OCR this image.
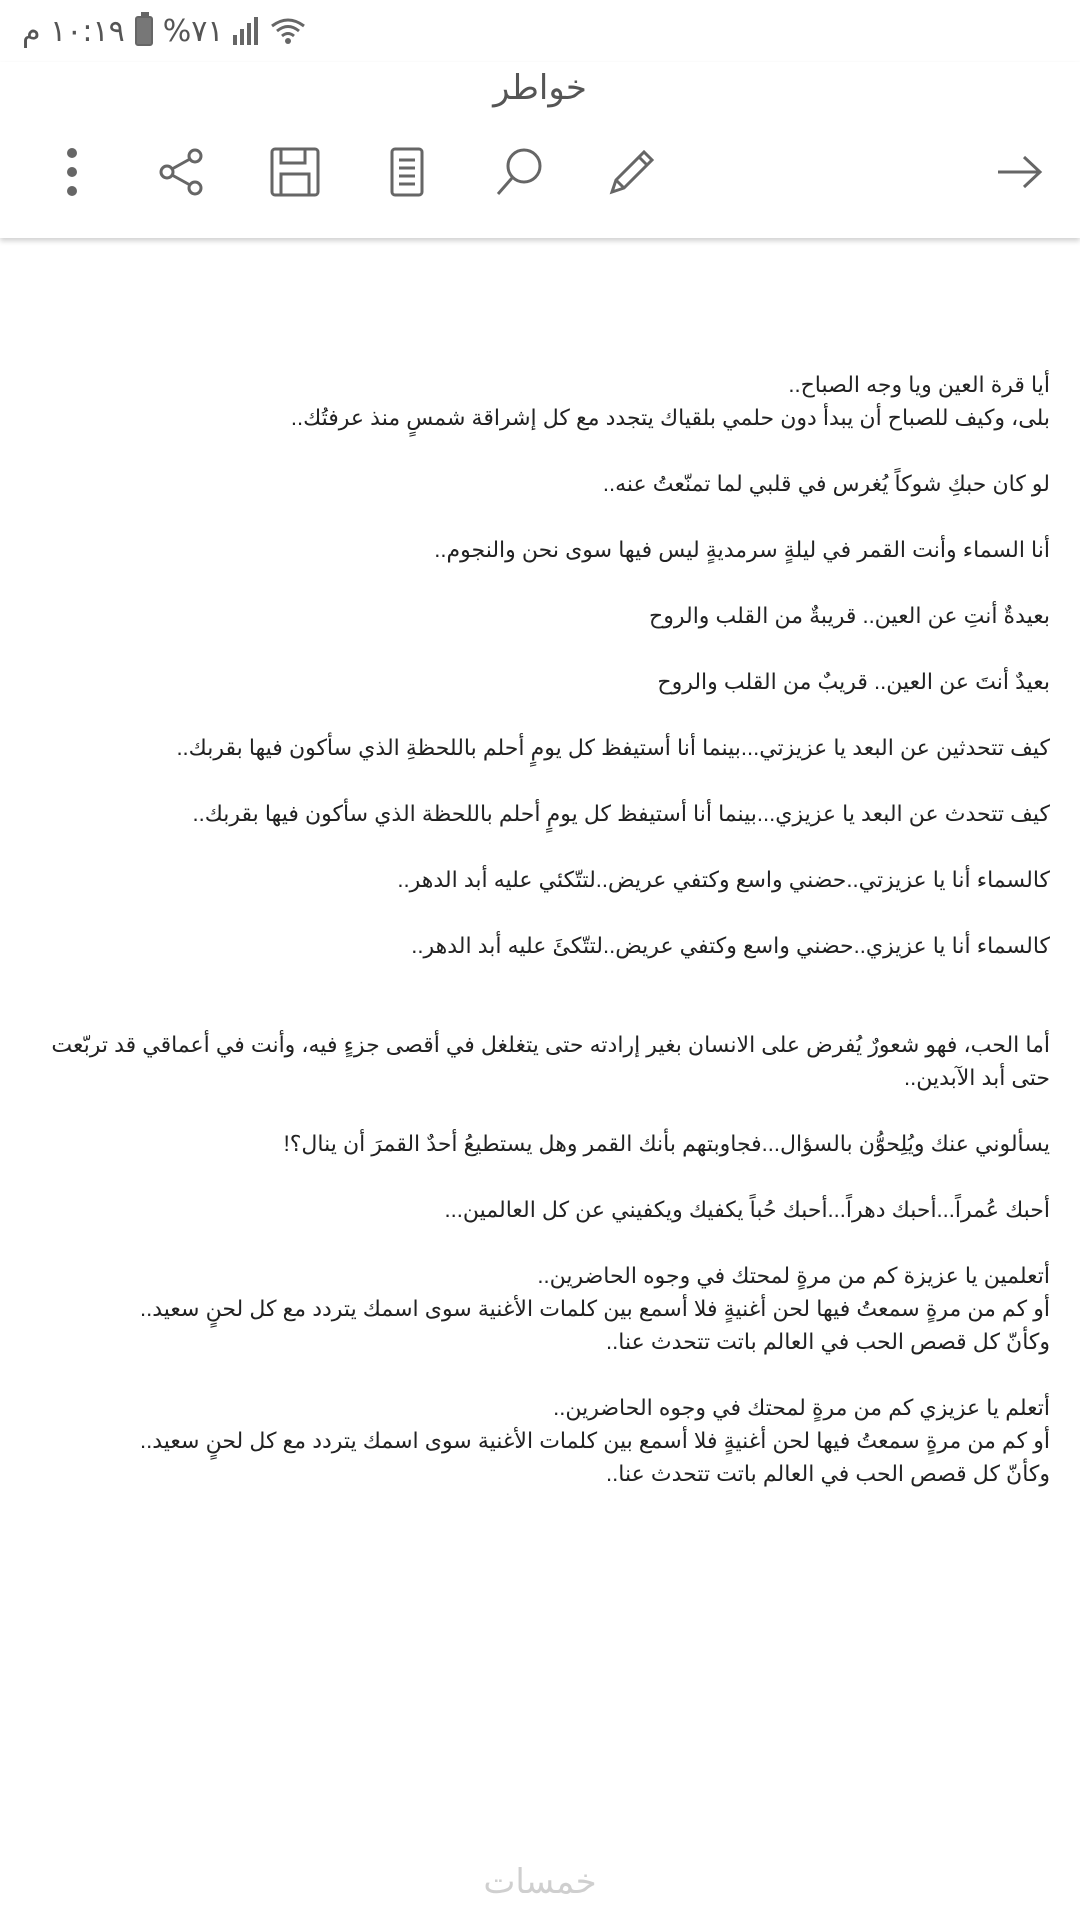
١٠:١٩ م %٧١
خواطر
أيا قرة العين ويا وجه الصباح..
بلى، وكيف للصباح أن يبدأ دون حلمي بلقياك يتجدد مع كل إشراقة شمسٍ منذ عرفتُك..
لو كان حبكِ شوكاً يُغرس في قلبي لما تمنّعتُ عنه..
أنا السماء وأنت القمر في ليلةٍ سرمديةٍ ليس فيها سوى نحن والنجوم..
بعيدةٌ أنتِ عن العين.. قريبةٌ من القلب والروح
بعيدٌ أنتَ عن العين.. قريبٌ من القلب والروح
كيف تتحدثين عن البعد يا عزيزتي...بينما أنا أستيفظ كل يومٍ أحلم باللحظةِ الذي سأكون فيها بقربك..
كيف تتحدث عن البعد يا عزيزي...بينما أنا أستيفظ كل يومٍ أحلم باللحظة الذي سأكون فيها بقربك..
كالسماء أنا يا عزيزتي..حضني واسع وكتفي عريض..لتتّكئي عليه أبد الدهر..
كالسماء أنا يا عزيزي..حضني واسع وكتفي عريض..لتتّكئَ عليه أبد الدهر..
أما الحب، فهو شعورٌ يُفرض على الانسان بغير إرادته حتى يتغلغل في أقصى جزءٍ فيه، وأنت في أعماقي قد تربّعت حتى أبد الآبدين..
يسألوني عنك ويُلِحوُّن بالسؤال...فجاوبتهم بأنك القمر وهل يستطيعُ أحدٌ القمرَ أن ينال؟!
أحبك عُمراً...أحبك دهراً...أحبك حُباً يكفيك ويكفيني عن كل العالمين...
أتعلمين يا عزيزة كم من مرةٍ لمحتك في وجوه الحاضرين..
أو كم من مرةٍ سمعتُ فيها لحن أغنيةٍ فلا أسمع بين كلمات الأغنية سوى اسمك يتردد مع كل لحنٍ سعيد..
وكأنّ كل قصص الحب في العالم باتت تتحدث عنا..
أتعلم يا عزيزي كم من مرةٍ لمحتك في وجوه الحاضرين..
أو كم من مرةٍ سمعتُ فيها لحن أغنيةٍ فلا أسمع بين كلمات الأغنية سوى اسمك يتردد مع كل لحنٍ سعيد..
وكأنّ كل قصص الحب في العالم باتت تتحدث عنا..
خمسات
